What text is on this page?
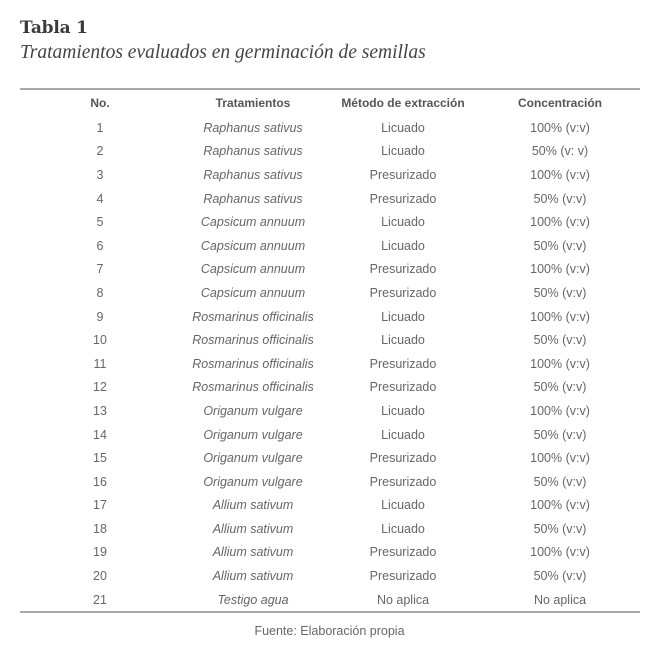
Tabla 1
Tratamientos evaluados en germinación de semillas
No.	Tratamientos	Método de extracción	Concentración
1	Raphanus sativus	Licuado	100% (v:v)
2	Raphanus sativus	Licuado	50% (v: v)
3	Raphanus sativus	Presurizado	100% (v:v)
4	Raphanus sativus	Presurizado	50% (v:v)
5	Capsicum annuum	Licuado	100% (v:v)
6	Capsicum annuum	Licuado	50% (v:v)
7	Capsicum annuum	Presurizado	100% (v:v)
8	Capsicum annuum	Presurizado	50% (v:v)
9	Rosmarinus officinalis	Licuado	100% (v:v)
10	Rosmarinus officinalis	Licuado	50% (v:v)
11	Rosmarinus officinalis	Presurizado	100% (v:v)
12	Rosmarinus officinalis	Presurizado	50% (v:v)
13	Origanum vulgare	Licuado	100% (v:v)
14	Origanum vulgare	Licuado	50% (v:v)
15	Origanum vulgare	Presurizado	100% (v:v)
16	Origanum vulgare	Presurizado	50% (v:v)
17	Allium sativum	Licuado	100% (v:v)
18	Allium sativum	Licuado	50% (v:v)
19	Allium sativum	Presurizado	100% (v:v)
20	Allium sativum	Presurizado	50% (v:v)
21	Testigo agua	No aplica	No aplica
Fuente: Elaboración propia
